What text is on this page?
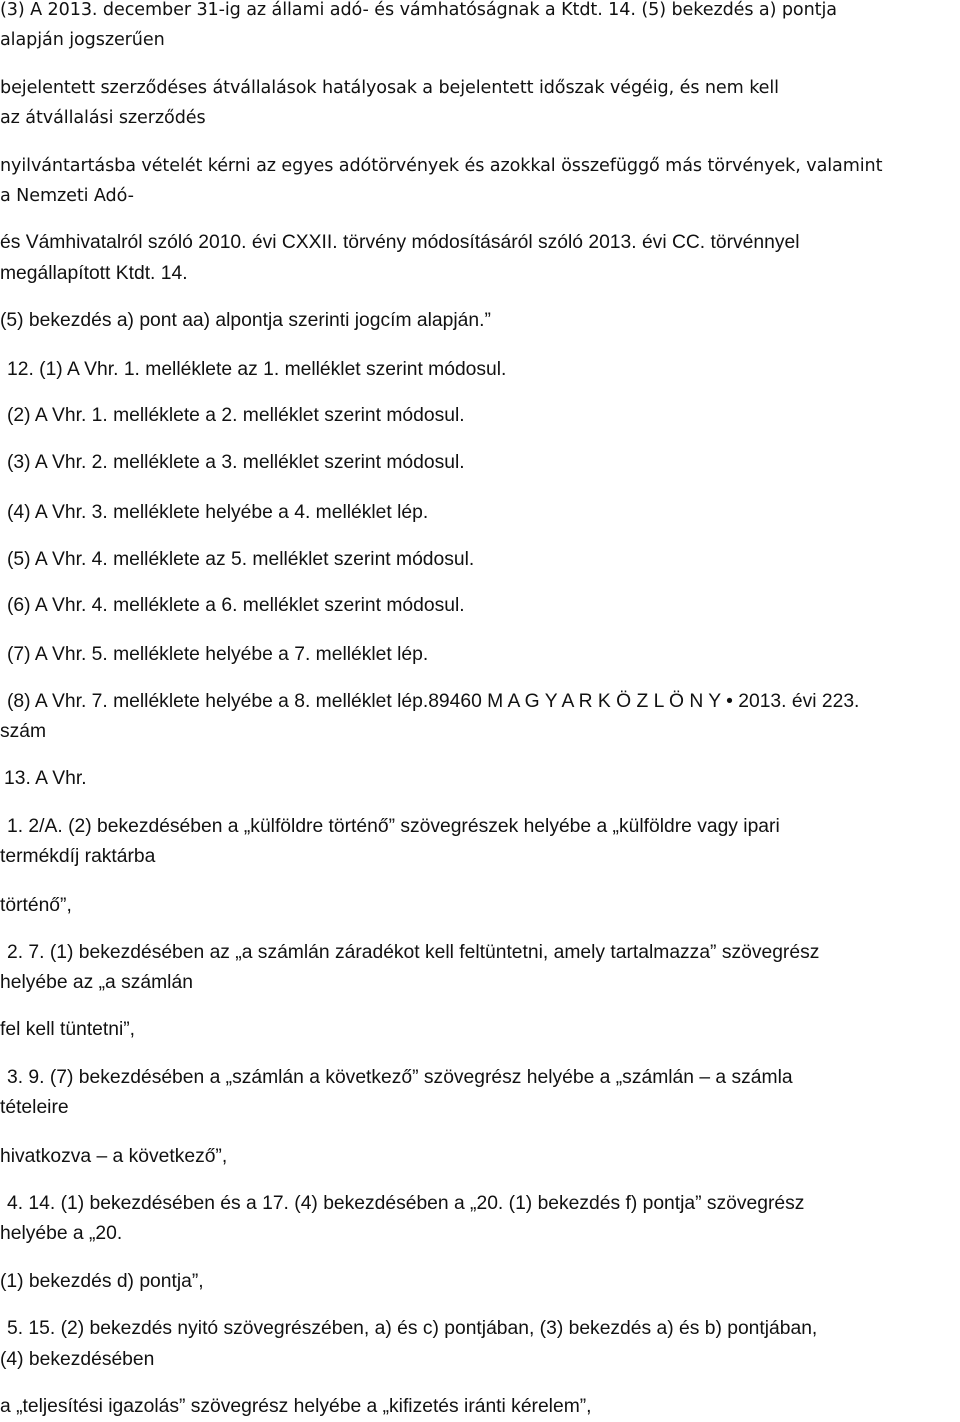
(3) A 2013. december 31-ig az állami adó- és vámhatóságnak a Ktdt. 14. (5) bekezdés a) pontja
alapján jogszerűen
bejelentett szerződéses átvállalások hatályosak a bejelentett időszak végéig, és nem kell
az átvállalási szerződés
nyilvántartásba vételét kérni az egyes adótörvények és azokkal összefüggő más törvények, valamint
a Nemzeti Adó-
és Vámhivatalról szóló 2010. évi CXXII. törvény módosításáról szóló 2013. évi CC. törvénnyel
megállapított Ktdt. 14.
(5) bekezdés a) pont aa) alpontja szerinti jogcím alapján.”
12. (1) A Vhr. 1. melléklete az 1. melléklet szerint módosul.
(2) A Vhr. 1. melléklete a 2. melléklet szerint módosul.
(3) A Vhr. 2. melléklete a 3. melléklet szerint módosul.
(4) A Vhr. 3. melléklete helyébe a 4. melléklet lép.
(5) A Vhr. 4. melléklete az 5. melléklet szerint módosul.
(6) A Vhr. 4. melléklete a 6. melléklet szerint módosul.
(7) A Vhr. 5. melléklete helyébe a 7. melléklet lép.
(8) A Vhr. 7. melléklete helyébe a 8. melléklet lép.89460 M A G Y A R K Ö Z L Ö N Y • 2013. évi 223.
szám
13. A Vhr.
1. 2/A. (2) bekezdésében a „külföldre történő” szövegrészek helyébe a „külföldre vagy ipari
termékdíj raktárba
történő”,
2. 7. (1) bekezdésében az „a számlán záradékot kell feltüntetni, amely tartalmazza” szövegrész
helyébe az „a számlán
fel kell tüntetni”,
3. 9. (7) bekezdésében a „számlán a következő” szövegrész helyébe a „számlán – a számla
tételeire
hivatkozva – a következő”,
4. 14. (1) bekezdésében és a 17. (4) bekezdésében a „20. (1) bekezdés f) pontja” szövegrész
helyébe a „20.
(1) bekezdés d) pontja”,
5. 15. (2) bekezdés nyitó szövegrészében, a) és c) pontjában, (3) bekezdés a) és b) pontjában,
(4) bekezdésében
a „teljesítési igazolás” szövegrész helyébe a „kifizetés iránti kérelem”,
